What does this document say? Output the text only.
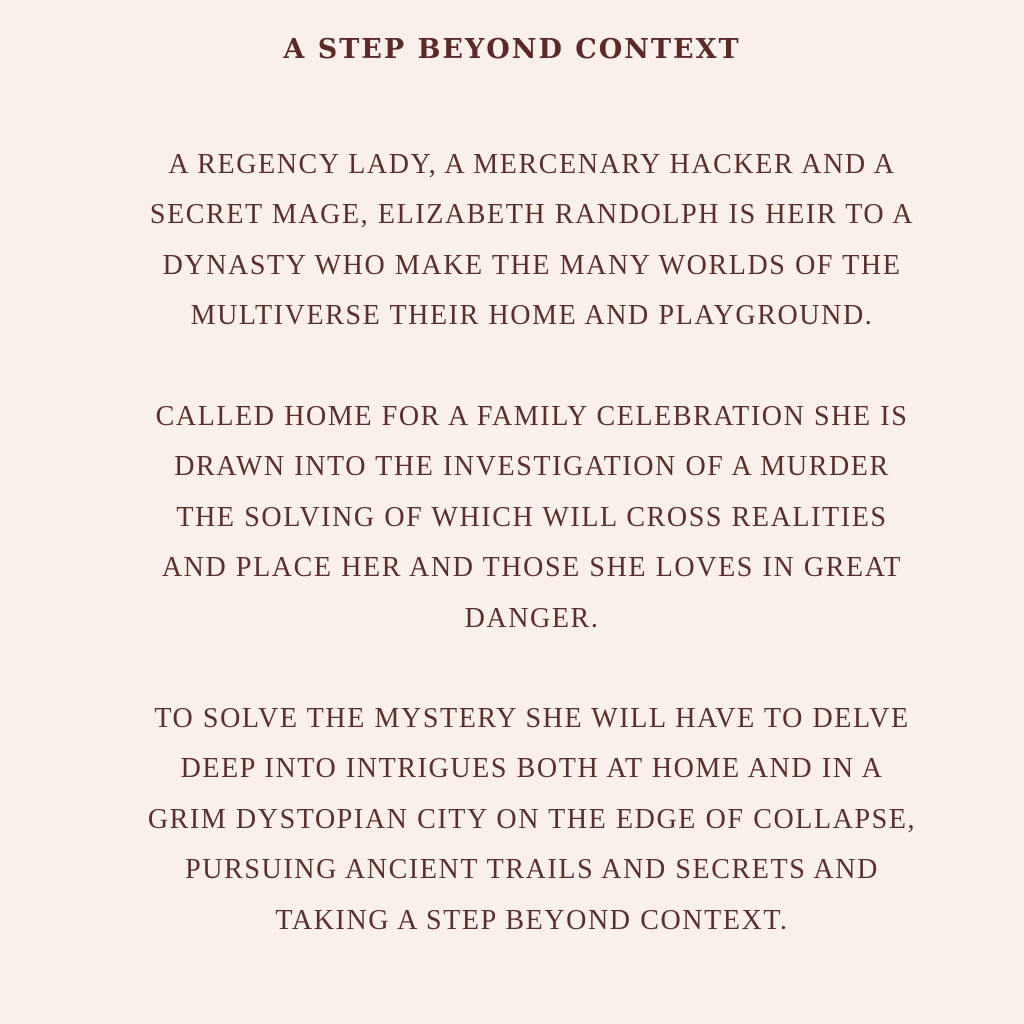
A STEP BEYOND CONTEXT
A REGENCY LADY, A MERCENARY HACKER AND A
SECRET MAGE, ELIZABETH RANDOLPH IS HEIR TO A
DYNASTY WHO MAKE THE MANY WORLDS OF THE
MULTIVERSE THEIR HOME AND PLAYGROUND.
CALLED HOME FOR A FAMILY CELEBRATION SHE IS
DRAWN INTO THE INVESTIGATION OF A MURDER
THE SOLVING OF WHICH WILL CROSS REALITIES
AND PLACE HER AND THOSE SHE LOVES IN GREAT
DANGER.
TO SOLVE THE MYSTERY SHE WILL HAVE TO DELVE
DEEP INTO INTRIGUES BOTH AT HOME AND IN A
GRIM DYSTOPIAN CITY ON THE EDGE OF COLLAPSE,
PURSUING ANCIENT TRAILS AND SECRETS AND
TAKING A STEP BEYOND CONTEXT.
